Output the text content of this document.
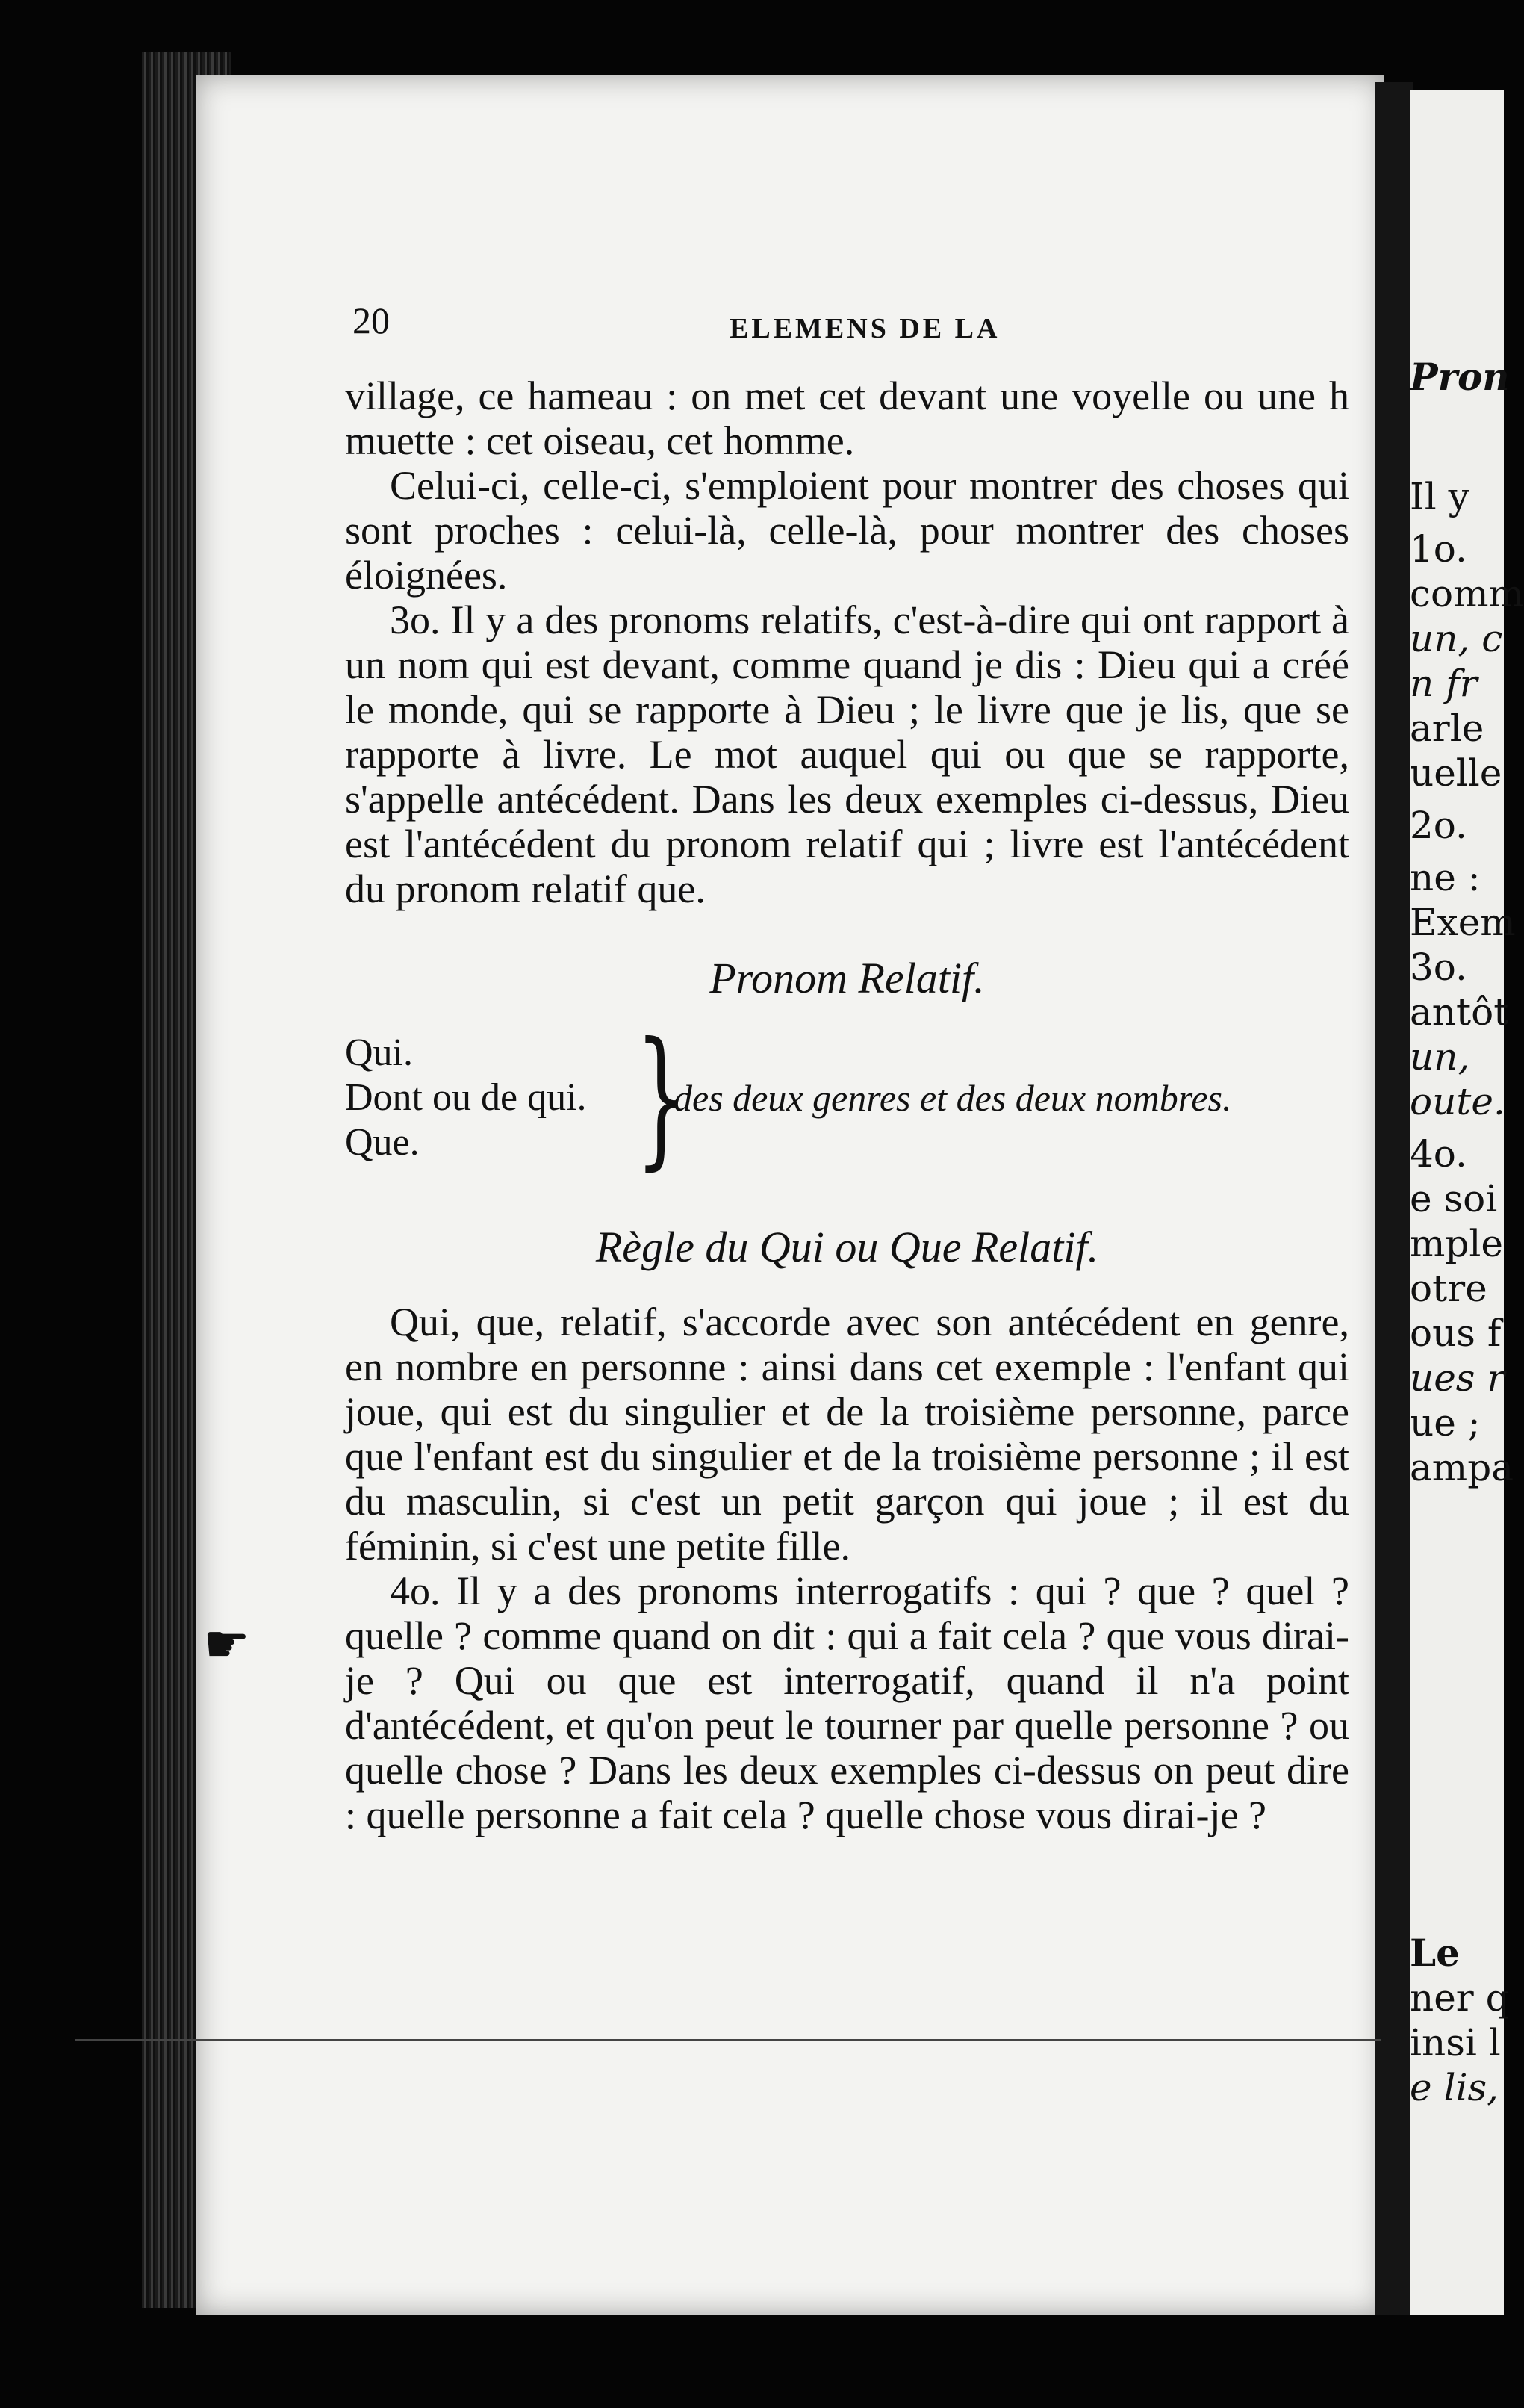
20	ELEMENS DE LA

village, ce hameau : on met cet devant une voyelle ou une h muette : cet oiseau, cet homme.

Celui-ci, celle-ci, s'emploient pour montrer des choses qui sont proches : celui-là, celle-là, pour montrer des choses éloignées.

3o. Il y a des pronoms relatifs, c'est-à-dire qui ont rapport à un nom qui est devant, comme quand je dis : Dieu qui a créé le monde, qui se rapporte à Dieu ; le livre que je lis, que se rapporte à livre. Le mot auquel qui ou que se rapporte, s'appelle antécédent. Dans les deux exemples ci-dessus, Dieu est l'antécédent du pronom relatif qui ; livre est l'antécédent du pronom relatif que.

Pronom Relatif.
Qui.
Dont ou de qui.
Que.	}
des deux genres et des deux nombres.
Règle du Qui ou Que Relatif.

Qui, que, relatif, s'accorde avec son antécédent en genre, en nombre en personne : ainsi dans cet exemple : l'enfant qui joue, qui est du singulier et de la troisième personne, parce que l'enfant est du singulier et de la troisième personne ; il est du masculin, si c'est un petit garçon qui joue ; il est du féminin, si c'est une petite fille.

4o. Il y a des pronoms interrogatifs : qui ? que ? quel ? quelle ? comme quand on dit : qui a fait cela ? que vous dirai-je ? Qui ou que est interrogatif, quand il n'a point d'antécédent, et qu'on peut le tourner par quelle personne ? ou quelle chose ? Dans les deux exemples ci-dessus on peut dire : quelle personne a fait cela ? quelle chose vous dirai-je ?

☛
Pron
Il y
1o.
comm
un, c
n fr
arle
uelle
2o.
ne :
Exem
3o.
antôt
un,
oute.
4o.
e soi
mple
otre
ous f
ues r
ue ;
ampa
Le
ner q
insi l
e lis,
